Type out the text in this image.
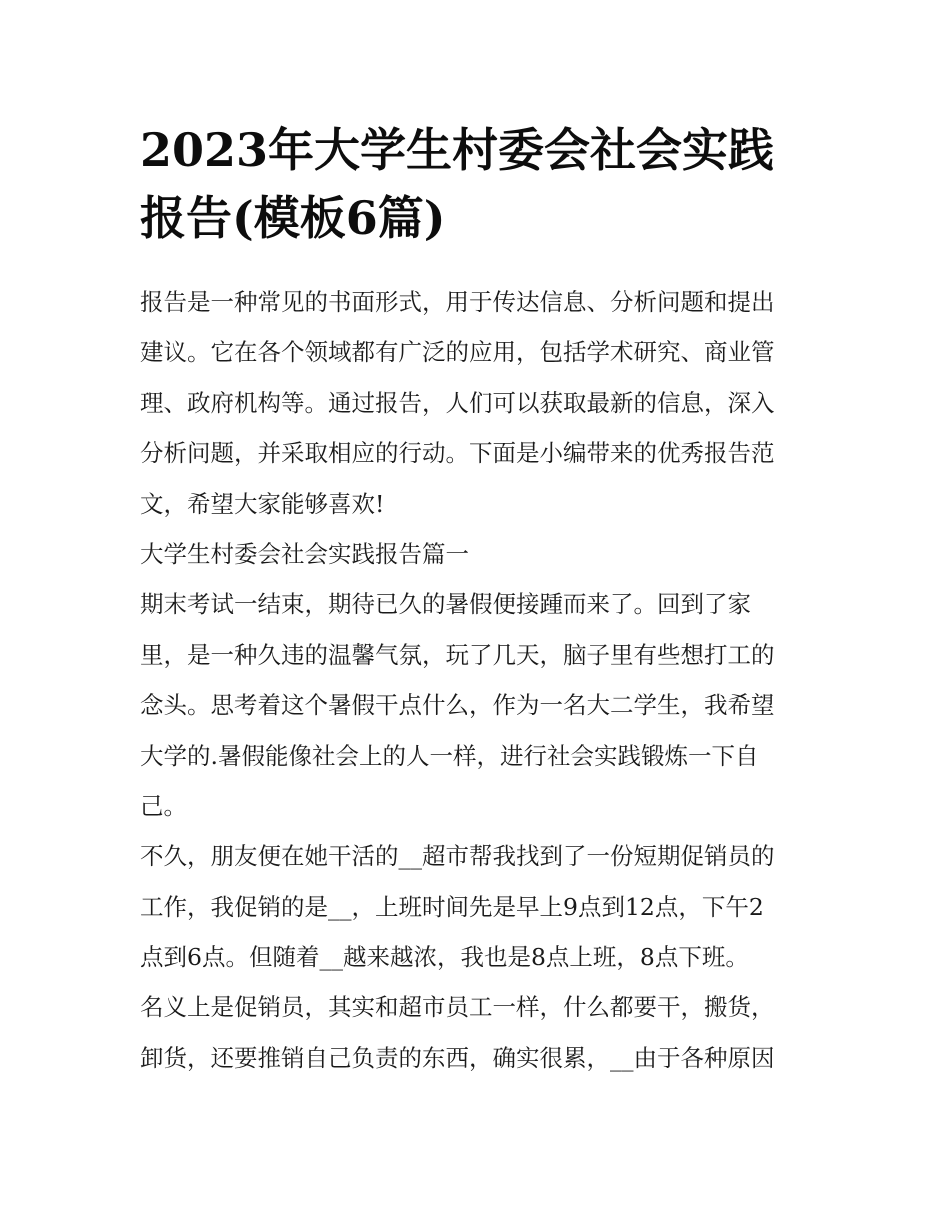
2023年大学生村委会社会实践
报告(模板6篇)
报告是一种常见的书面形式，用于传达信息、分析问题和提出
建议。它在各个领域都有广泛的应用，包括学术研究、商业管
理、政府机构等。通过报告，人们可以获取最新的信息，深入
分析问题，并采取相应的行动。下面是小编带来的优秀报告范
文，希望大家能够喜欢!
大学生村委会社会实践报告篇一
期末考试一结束，期待已久的暑假便接踵而来了。回到了家
里，是一种久违的温馨气氛，玩了几天，脑子里有些想打工的
念头。思考着这个暑假干点什么，作为一名大二学生，我希望
大学的.暑假能像社会上的人一样，进行社会实践锻炼一下自
己。
不久，朋友便在她干活的__超市帮我找到了一份短期促销员的
工作，我促销的是__，上班时间先是早上9点到12点，下午2
点到6点。但随着__越来越浓，我也是8点上班，8点下班。
名义上是促销员，其实和超市员工一样，什么都要干，搬货，
卸货，还要推销自己负责的东西，确实很累，__由于各种原因
